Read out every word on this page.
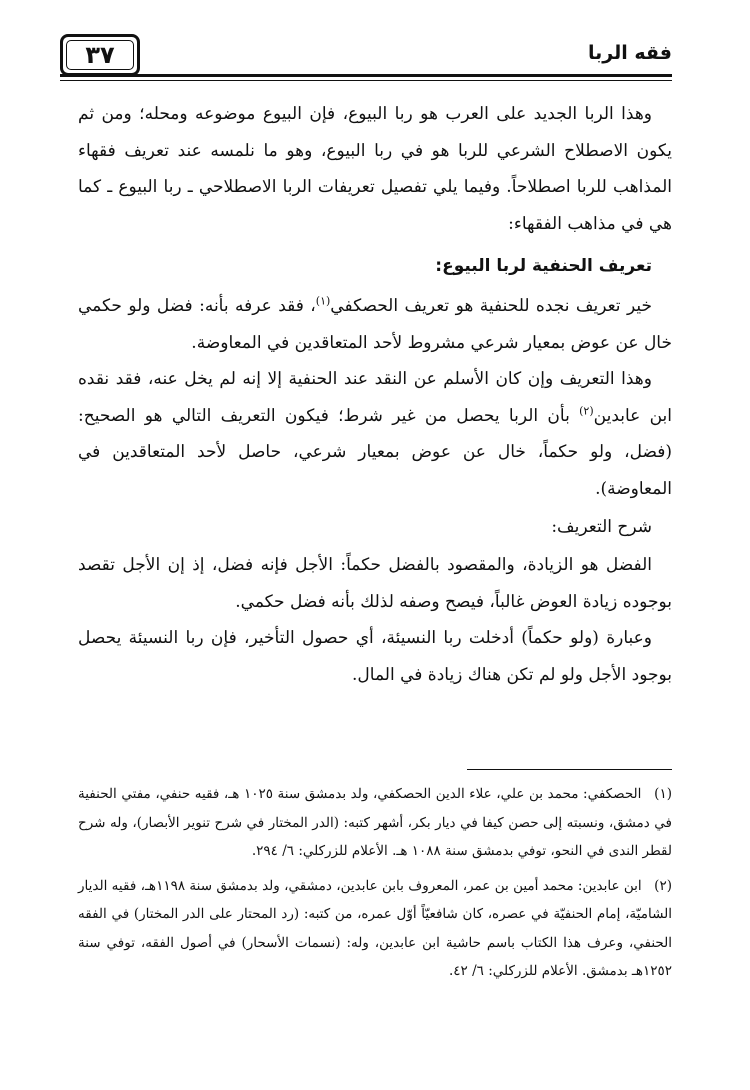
٣٧	فقه الربا

وهذا الربا الجديد على العرب هو ربا البيوع، فإن البيوع موضوعه ومحله؛ ومن ثم يكون الاصطلاح الشرعي للربا هو في ربا البيوع، وهو ما نلمسه عند تعريف فقهاء المذاهب للربا اصطلاحاً. وفيما يلي تفصيل تعريفات الربا الاصطلاحي ـ ربا البيوع ـ كما هي في مذاهب الفقهاء:

تعريف الحنفية لربا البيوع:

خير تعريف نجده للحنفية هو تعريف الحصكفي$^{(١)}$، فقد عرفه بأنه: فضل ولو حكمي خال عن عوض بمعيار شرعي مشروط لأحد المتعاقدين في المعاوضة.

وهذا التعريف وإن كان الأسلم عن النقد عند الحنفية إلا إنه لم يخل عنه، فقد نقده ابن عابدين$^{(٢)}$ بأن الربا يحصل من غير شرط؛ فيكون التعريف التالي هو الصحيح: (فضل، ولو حكماً، خال عن عوض بمعيار شرعي، حاصل لأحد المتعاقدين في المعاوضة).

شرح التعريف:

الفضل هو الزيادة، والمقصود بالفضل حكماً: الأجل فإنه فضل، إذ إن الأجل تقصد بوجوده زيادة العوض غالباً، فيصح وصفه لذلك بأنه فضل حكمي.

وعبارة (ولو حكماً) أدخلت ربا النسيئة، أي حصول التأخير، فإن ربا النسيئة يحصل بوجود الأجل ولو لم تكن هناك زيادة في المال.

(١) الحصكفي: محمد بن علي، علاء الدين الحصكفي، ولد بدمشق سنة ١٠٢٥ هـ، فقيه حنفي، مفتي الحنفية في دمشق، ونسبته إلى حصن كيفا في ديار بكر، أشهر كتبه: (الدر المختار في شرح تنوير الأبصار)، وله شرح لقطر الندى في النحو، توفي بدمشق سنة ١٠٨٨ هـ. الأعلام للزركلي: ٦/ ٢٩٤.

(٢) ابن عابدين: محمد أمين بن عمر، المعروف بابن عابدين، دمشقي، ولد بدمشق سنة ١١٩٨هـ، فقيه الديار الشاميّة، إمام الحنفيّة في عصره، كان شافعيّاً أوّل عمره، من كتبه: (رد المحتار على الدر المختار) في الفقه الحنفي، وعرف هذا الكتاب باسم حاشية ابن عابدين، وله: (نسمات الأسحار) في أصول الفقه، توفي سنة ١٢٥٢هـ بدمشق. الأعلام للزركلي: ٦/ ٤٢.
